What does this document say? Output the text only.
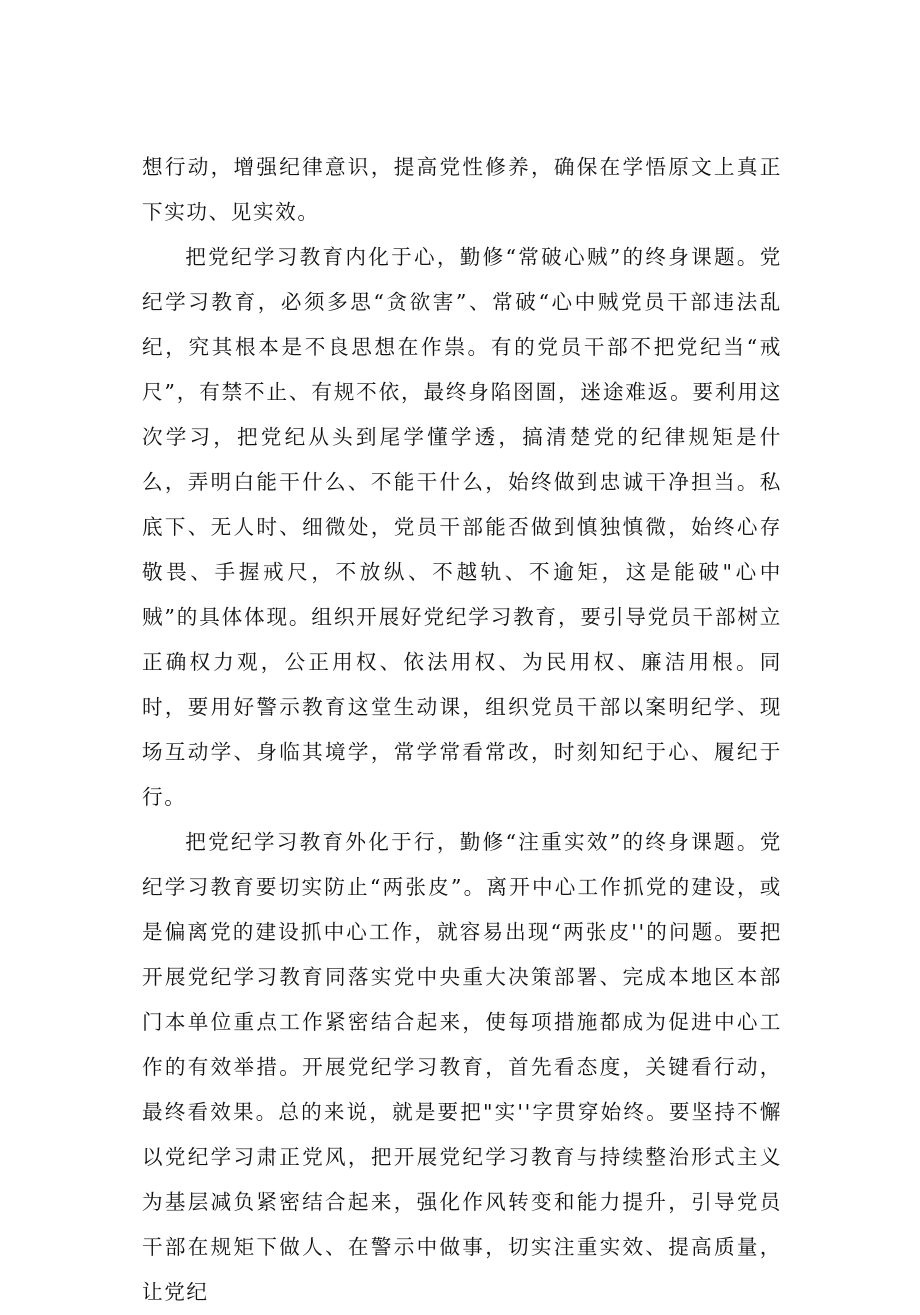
想行动，增强纪律意识，提高党性修养，确保在学悟原文上真正下实功、见实效。

把党纪学习教育内化于心，勤修“常破心贼”的终身课题。党纪学习教育，必须多思“贪欲害”、常破“心中贼党员干部违法乱纪，究其根本是不良思想在作祟。有的党员干部不把党纪当“戒尺”，有禁不止、有规不依，最终身陷囹圄，迷途难返。要利用这次学习，把党纪从头到尾学懂学透，搞清楚党的纪律规矩是什么，弄明白能干什么、不能干什么，始终做到忠诚干净担当。私底下、无人时、细微处，党员干部能否做到慎独慎微，始终心存敬畏、手握戒尺，不放纵、不越轨、不逾矩，这是能破"心中贼”的具体体现。组织开展好党纪学习教育，要引导党员干部树立正确权力观，公正用权、依法用权、为民用权、廉洁用根。同时，要用好警示教育这堂生动课，组织党员干部以案明纪学、现场互动学、身临其境学，常学常看常改，时刻知纪于心、履纪于行。

把党纪学习教育外化于行，勤修“注重实效”的终身课题。党纪学习教育要切实防止“两张皮”。离开中心工作抓党的建设，或是偏离党的建设抓中心工作，就容易出现“两张皮''的问题。要把开展党纪学习教育同落实党中央重大决策部署、完成本地区本部门本单位重点工作紧密结合起来，使每项措施都成为促进中心工作的有效举措。开展党纪学习教育，首先看态度，关键看行动，最终看效果。总的来说，就是要把"实''字贯穿始终。要坚持不懈以党纪学习肃正党风，把开展党纪学习教育与持续整治形式主义为基层减负紧密结合起来，强化作风转变和能力提升，引导党员干部在规矩下做人、在警示中做事，切实注重实效、提高质量，让党纪
